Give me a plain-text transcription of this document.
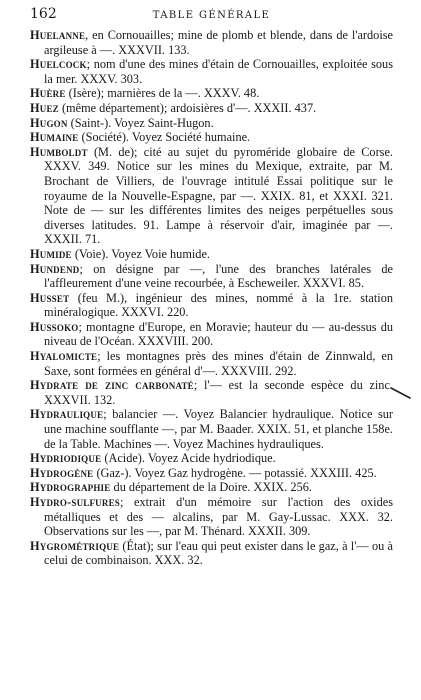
162	TABLE GÉNÉRALE

Huelanne, en Cornouailles; mine de plomb et blende, dans de l'ardoise argileuse à —. XXXVII. 133.

Huelcock; nom d'une des mines d'étain de Cornouailles, exploitée sous la mer. XXXV. 303.

Huère (Isère); marnières de la —. XXXV. 48.

Huez (même département); ardoisières d'—. XXXII. 437.

Hugon (Saint-). Voyez Saint-Hugon.

Humaine (Société). Voyez Société humaine.

Humboldt (M. de); cité au sujet du pyroméride globaire de Corse. XXXV. 349. Notice sur les mines du Mexique, extraite, par M. Brochant de Villiers, de l'ouvrage intitulé Essai politique sur le royaume de la Nouvelle-Espagne, par —. XXIX. 81, et XXXI. 321. Note de — sur les différentes limites des neiges perpétuelles sous diverses latitudes. 91. Lampe à réservoir d'air, imaginée par —. XXXII. 71.

Humide (Voie). Voyez Voie humide.

Hundend; on désigne par —, l'une des branches latérales de l'affleurement d'une veine recourbée, à Escheweiler. XXXVI. 85.

Husset (feu M.), ingénieur des mines, nommé à la 1re. station minéralogique. XXXVI. 220.

Hussoko; montagne d'Europe, en Moravie; hauteur du — au-dessus du niveau de l'Océan. XXXVIII. 200.

Hyalomicte; les montagnes près des mines d'étain de Zinnwald, en Saxe, sont formées en général d'—. XXXVIII. 292.

Hydrate de zinc carbonaté; l'— est la seconde espèce du zinc. XXXVII. 132.

Hydraulique; balancier —. Voyez Balancier hydraulique. Notice sur une machine soufflante —, par M. Baader. XXIX. 51, et planche 158e. de la Table. Machines —. Voyez Machines hydrauliques.

Hydriodique (Acide). Voyez Acide hydriodique.

Hydrogène (Gaz-). Voyez Gaz hydrogène. — potassié. XXXIII. 425.

Hydrographie du département de la Doire. XXIX. 256.

Hydro-sulfures; extrait d'un mémoire sur l'action des oxides métalliques et des — alcalins, par M. Gay-Lussac. XXX. 32. Observations sur les —, par M. Thénard. XXXII. 309.

Hygrométrique (État); sur l'eau qui peut exister dans le gaz, à l'— ou à celui de combinaison. XXX. 32.
